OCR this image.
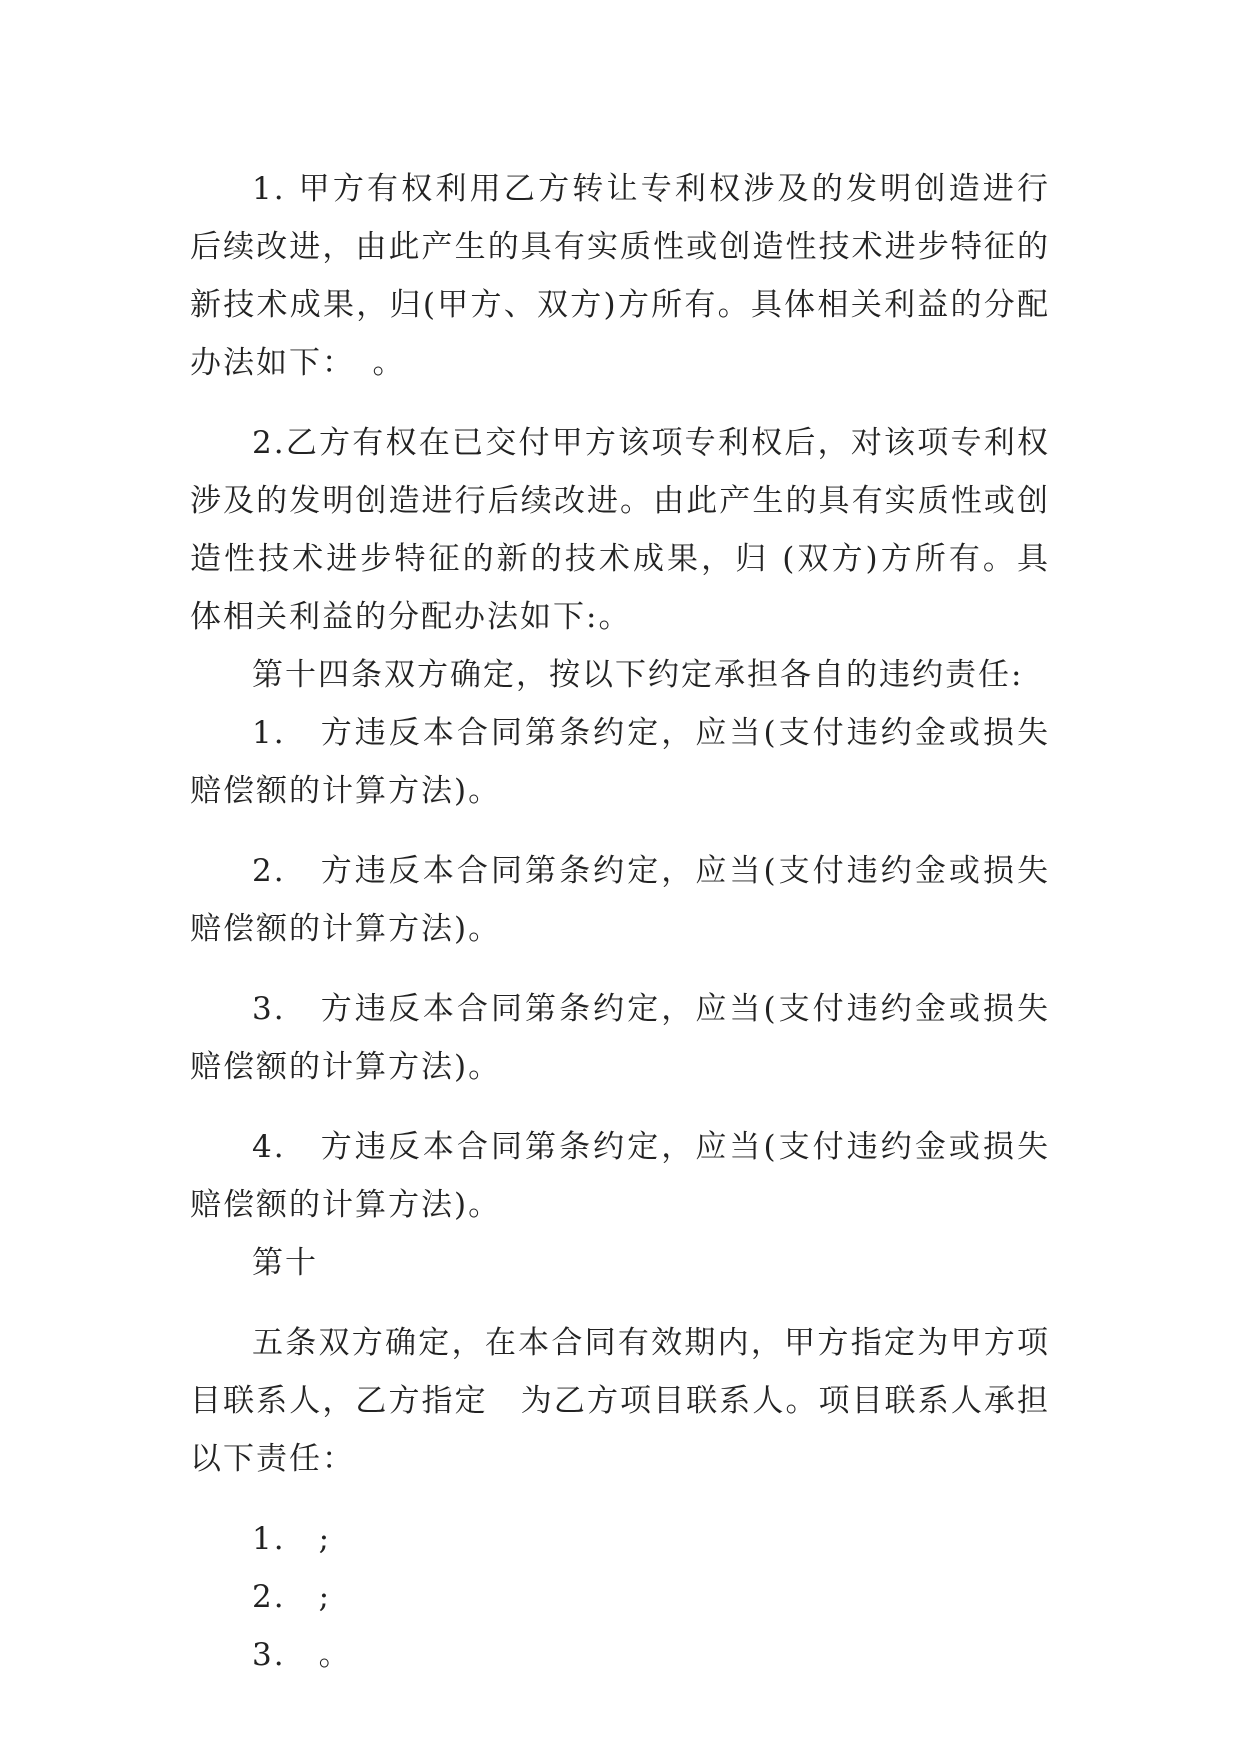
1. 甲方有权利用乙方转让专利权涉及的发明创造进行后续改进，由此产生的具有实质性或创造性技术进步特征的新技术成果，归(甲方、双方)方所有。具体相关利益的分配办法如下：　。

2.乙方有权在已交付甲方该项专利权后，对该项专利权涉及的发明创造进行后续改进。由此产生的具有实质性或创造性技术进步特征的新的技术成果，归 (双方)方所有。具体相关利益的分配办法如下:。

第十四条双方确定，按以下约定承担各自的违约责任:

1.　方违反本合同第条约定，应当(支付违约金或损失赔偿额的计算方法)。

2.　方违反本合同第条约定，应当(支付违约金或损失赔偿额的计算方法)。

3.　方违反本合同第条约定，应当(支付违约金或损失赔偿额的计算方法)。

4.　方违反本合同第条约定，应当(支付违约金或损失赔偿额的计算方法)。

第十

五条双方确定，在本合同有效期内，甲方指定为甲方项目联系人，乙方指定　为乙方项目联系人。项目联系人承担以下责任：

1.　;

2.　;

3.　。
